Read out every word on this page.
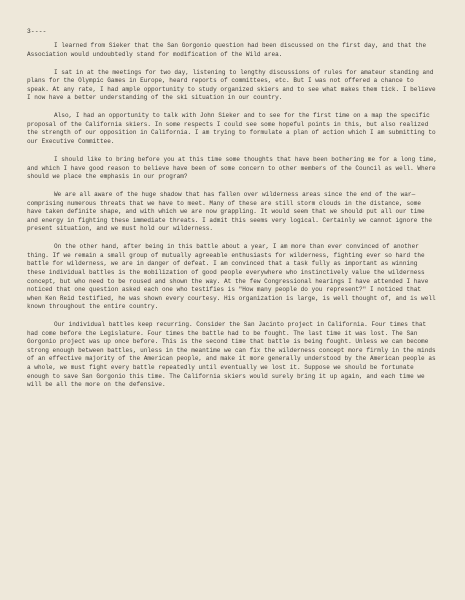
3----

I learned from Sieker that the San Gorgonio question had been discussed on the first day, and that the Association would undoubtedly stand for modification of the Wild area.

I sat in at the meetings for two day, listening to lengthy discussions of rules for amateur standing and plans for the Olympic Games in Europe, heard reports of committees, etc. But I was not offered a chance to speak. At any rate, I had ample opportunity to study organized skiers and to see what makes them tick. I believe I now have a better understanding of the ski situation in our country.

Also, I had an opportunity to talk with John Sieker and to see for the first time on a map the specific proposal of the California skiers. In some respects I could see some hopeful points in this, but also realized the strength of our opposition in California. I am trying to formulate a plan of action which I am submitting to our Executive Committee.

I should like to bring before you at this time some thoughts that have been bothering me for a long time, and which I have good reason to believe have been of some concern to other members of the Council as well. Where should we place the emphasis in our program?

We are all aware of the huge shadow that has fallen over wilderness areas since the end of the war—comprising numerous threats that we have to meet. Many of these are still storm clouds in the distance, some have taken definite shape, and with which we are now grappling. It would seem that we should put all our time and energy in fighting these immediate threats. I admit this seems very logical. Certainly we cannot ignore the present situation, and we must hold our wilderness.

On the other hand, after being in this battle about a year, I am more than ever convinced of another thing. If we remain a small group of mutually agreeable enthusiasts for wilderness, fighting ever so hard the battle for wilderness, we are in danger of defeat. I am convinced that a task fully as important as winning these individual battles is the mobilization of good people everywhere who instinctively value the wilderness concept, but who need to be roused and shown the way. At the few Congressional hearings I have attended I have noticed that one question asked each one who testifies is "How many people do you represent?" I noticed that when Ken Reid testified, he was shown every courtesy. His organization is large, is well thought of, and is well known throughout the entire country.

Our individual battles keep recurring. Consider the San Jacinto project in California. Four times that had come before the Legislature. Four times the battle had to be fought. The last time it was lost. The San Gorgonio project was up once before. This is the second time that battle is being fought. Unless we can become strong enough between battles, unless in the meantime we can fix the wilderness concept more firmly in the minds of an effective majority of the American people, and make it more generally understood by the American people as a whole, we must fight every battle repeatedly until eventually we lost it. Suppose we should be fortunate enough to save San Gorgonio this time. The California skiers would surely bring it up again, and each time we will be all the more on the defensive.
